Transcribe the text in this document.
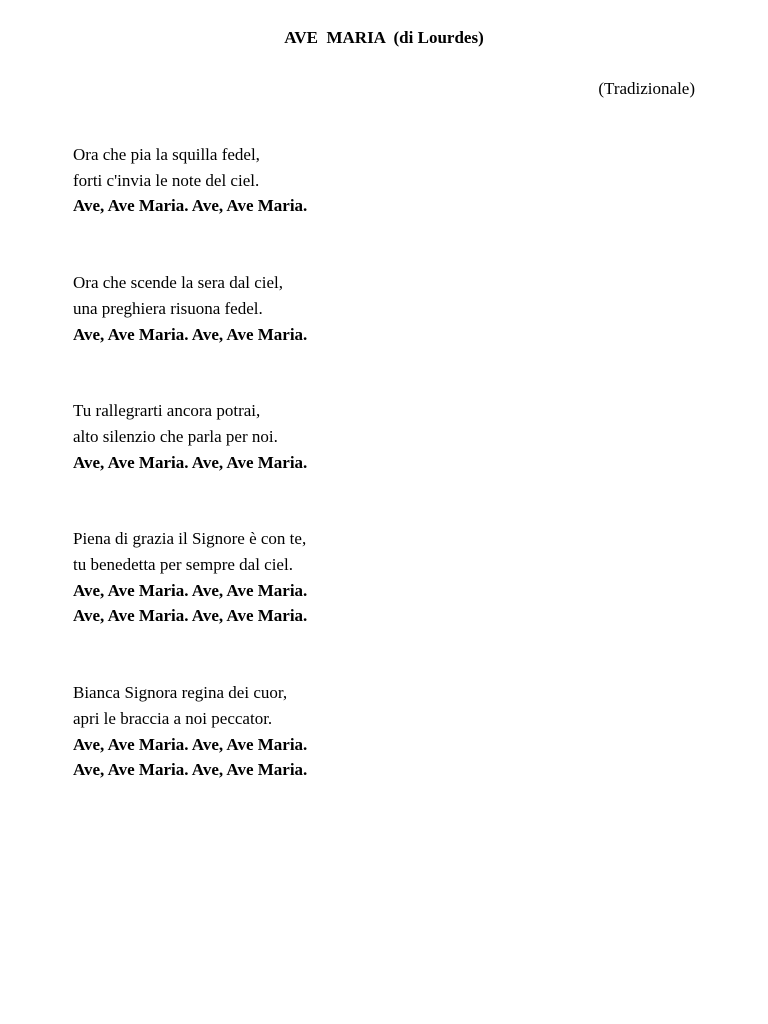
AVE  MARIA  (di Lourdes)
(Tradizionale)
Ora che pia la squilla fedel,
forti c'invia le note del ciel.
Ave, Ave Maria. Ave, Ave Maria.
Ora che scende la sera dal ciel,
una preghiera risuona fedel.
Ave, Ave Maria. Ave, Ave Maria.
Tu rallegrarti ancora potrai,
alto silenzio che parla per noi.
Ave, Ave Maria. Ave, Ave Maria.
Piena di grazia il Signore è con te,
tu benedetta per sempre dal ciel.
Ave, Ave Maria. Ave, Ave Maria.
Ave, Ave Maria. Ave, Ave Maria.
Bianca Signora regina dei cuor,
apri le braccia a noi peccator.
Ave, Ave Maria. Ave, Ave Maria.
Ave, Ave Maria. Ave, Ave Maria.
